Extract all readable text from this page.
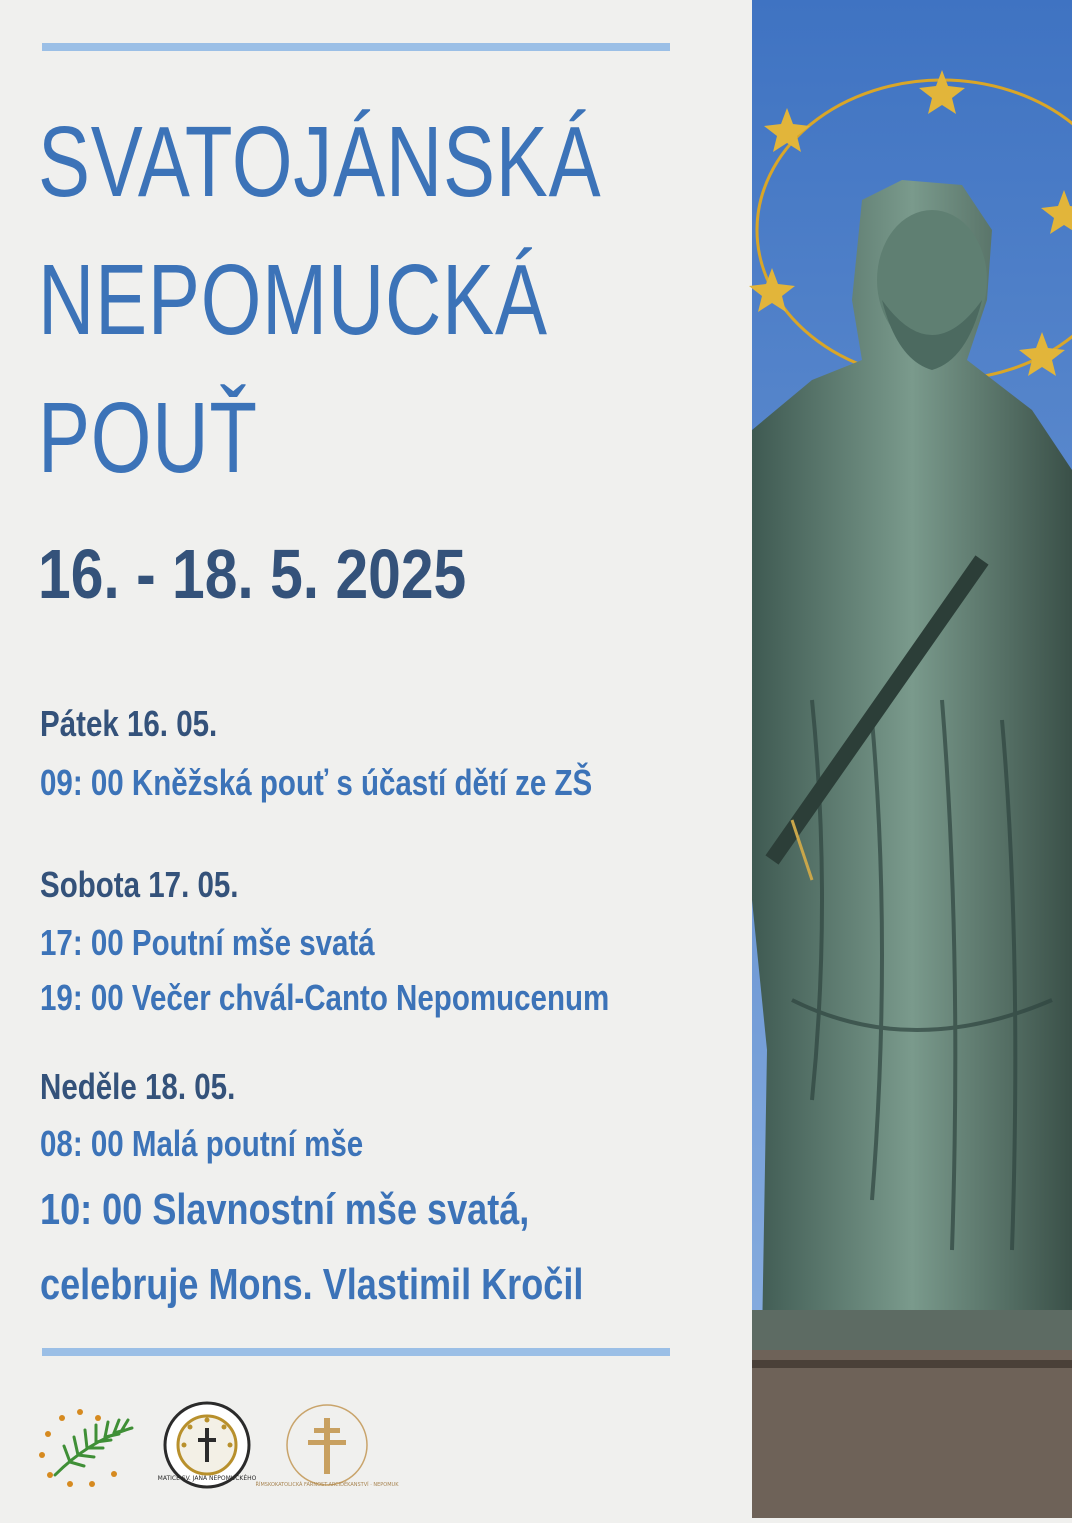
SVATOJÁNSKÁ
NEPOMUCKÁ
POUŤ
16. - 18. 5. 2025
Pátek 16. 05.
09: 00 Kněžská pouť s účastí dětí ze ZŠ
Sobota 17. 05.
17: 00 Poutní mše svatá
19: 00 Večer chvál-Canto Nepomucenum
Neděle 18. 05.
08: 00 Malá poutní mše
10: 00 Slavnostní mše svatá,
celebruje Mons. Vlastimil Kročil
MATICE SV. JANA NEPOMUCKÉHO
ŘÍMSKOKATOLICKÁ FARNOST-ARCIDĚKANSTVÍ · NEPOMUK
